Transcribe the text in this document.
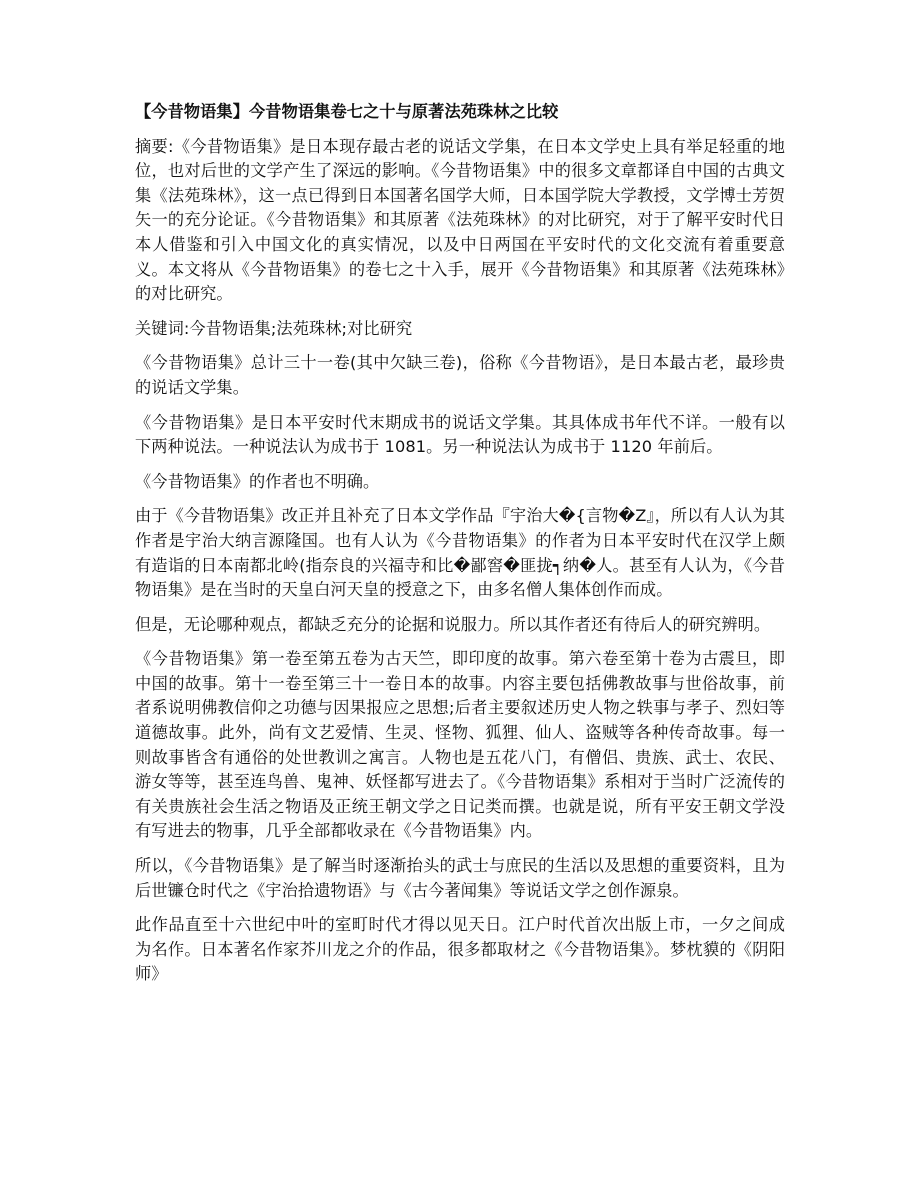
【今昔物语集】今昔物语集卷七之十与原著法苑珠林之比较

摘要:《今昔物语集》是日本现存最古老的说话文学集，在日本文学史上具有举足轻重的地位，也对后世的文学产生了深远的影响。《今昔物语集》中的很多文章都译自中国的古典文集《法苑珠林》，这一点已得到日本国著名国学大师，日本国学院大学教授，文学博士芳贺矢一的充分论证。《今昔物语集》和其原著《法苑珠林》的对比研究，对于了解平安时代日本人借鉴和引入中国文化的真实情况，以及中日两国在平安时代的文化交流有着重要意义。本文将从《今昔物语集》的卷七之十入手，展开《今昔物语集》和其原著《法苑珠林》的对比研究。

关键词:今昔物语集;法苑珠林;对比研究

《今昔物语集》总计三十一卷(其中欠缺三卷)，俗称《今昔物语》，是日本最古老，最珍贵的说话文学集。

《今昔物语集》是日本平安时代末期成书的说话文学集。其具体成书年代不详。一般有以下两种说法。一种说法认为成书于 1081。另一种说法认为成书于 1120 年前后。

《今昔物语集》的作者也不明确。

由于《今昔物语集》改正并且补充了日本文学作品『宇治大�{言物�Z』，所以有人认为其作者是宇治大纳言源隆国。也有人认为《今昔物语集》的作者为日本平安时代在汉学上颇有造诣的日本南都北岭(指奈良的兴福寺和比�鄙窖�匪拢┑纳�人。甚至有人认为，《今昔物语集》是在当时的天皇白河天皇的授意之下，由多名僧人集体创作而成。

但是，无论哪种观点，都缺乏充分的论据和说服力。所以其作者还有待后人的研究辨明。

《今昔物语集》第一卷至第五卷为古天竺，即印度的故事。第六卷至第十卷为古震旦，即中国的故事。第十一卷至第三十一卷日本的故事。内容主要包括佛教故事与世俗故事，前者系说明佛教信仰之功德与因果报应之思想;后者主要叙述历史人物之轶事与孝子、烈妇等道德故事。此外，尚有文艺爱情、生灵、怪物、狐狸、仙人、盗贼等各种传奇故事。每一则故事皆含有通俗的处世教训之寓言。人物也是五花八门，有僧侣、贵族、武士、农民、游女等等，甚至连鸟兽、鬼神、妖怪都写进去了。《今昔物语集》系相对于当时广泛流传的有关贵族社会生活之物语及正统王朝文学之日记类而撰。也就是说，所有平安王朝文学没有写进去的物事，几乎全部都收录在《今昔物语集》内。

所以，《今昔物语集》是了解当时逐渐抬头的武士与庶民的生活以及思想的重要资料，且为后世镰仓时代之《宇治拾遗物语》与《古今著闻集》等说话文学之创作源泉。

此作品直至十六世纪中叶的室町时代才得以见天日。江户时代首次出版上市，一夕之间成为名作。日本著名作家芥川龙之介的作品，很多都取材之《今昔物语集》。梦枕貘的《阴阳师》
